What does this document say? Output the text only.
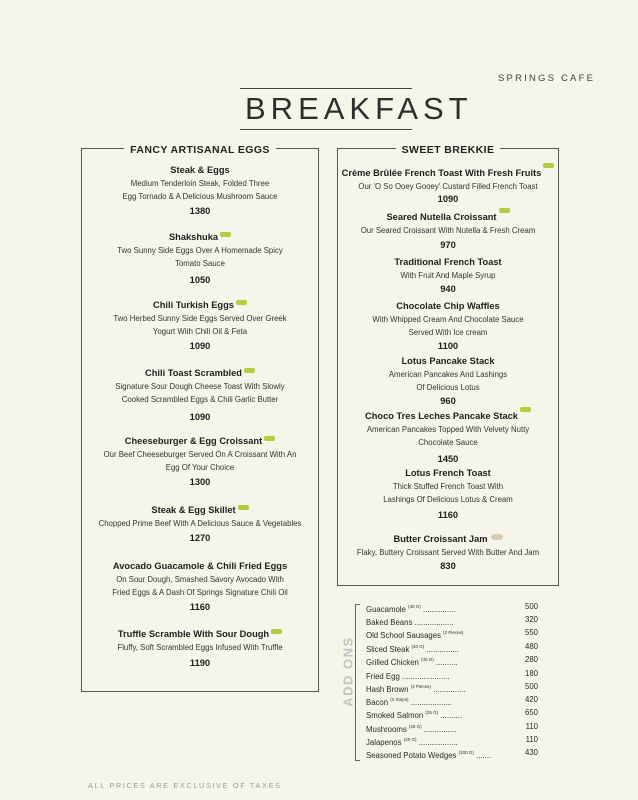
SPRINGS CAFE
BREAKFAST
FANCY ARTISANAL EGGS
Steak & Eggs
Medium Tenderloin Steak, Folded Three
Egg Tornado & A Delicious Mushroom Sauce
1380
Shakshuka
Two Sunny Side Eggs Over A Homemade Spicy
Tomato Sauce
1050
Chili Turkish Eggs
Two Herbed Sunny Side Eggs Served Over Greek
Yogurt With Chili Oil & Feta
1090
Chili Toast Scrambled
Signature Sour Dough Cheese Toast With Slowly
Cooked Scrambled Eggs & Chili Garlic Butter
1090
Cheeseburger & Egg Croissant
Our Beef Cheeseburger Served On A Croissant With An
Egg Of Your Choice
1300
Steak & Egg Skillet
Chopped Prime Beef With A Delicious Sauce & Vegetables
1270
Avocado Guacamole & Chili Fried Eggs
On Sour Dough, Smashed Savory Avocado With
Fried Eggs & A Dash Of Springs Signature Chili Oil
1160
Truffle Scramble With Sour Dough
Fluffy, Soft Scrambled Eggs Infused With Truffle
1190
SWEET BREKKIE
Crème Brûlée French Toast With Fresh Fruits
Our 'O So Ooey Gooey' Custard Filled French Toast
1090
Seared Nutella Croissant
Our Seared Croissant With Nutella & Fresh Cream
970
Traditional French Toast
With Fruit And Maple Syrup
940
Chocolate Chip Waffles
With Whipped Cream And Chocolate Sauce
Served With Ice cream
1100
Lotus Pancake Stack
American Pancakes And Lashings
Of Delicious Lotus
960
Choco Tres Leches Pancake Stack
American Pancakes Topped With Velvety Nutty
Chocolate Sauce
1450
Lotus French Toast
Thick Stuffed French Toast With
Lashings Of Delicious Lotus & Cream
1160
Butter Croissant Jam
Flaky, Buttery Croissant Served With Butter And Jam
830
ADD ONS
Guacamole $^{(40 G)}$ ...............	500
Baked Beans ..................	320
Old School Sausages $^{(2 Pieces)}$	550
Sliced Steak $^{(40 G)}$ ...............	480
Grilled Chicken $^{(40 G)}$ ..........	280
Fried Egg ......................	180
Hash Brown $^{(3 Pieces)}$ ...............	500
Bacon $^{(2 Strips)}$ ...................	420
Smoked Salmon $^{(25 G)}$ ..........	650
Mushrooms $^{(20 G)}$ ...............	110
Jalapenos $^{(20 G)}$ ..................	110
Seasoned Potato Wedges $^{(100 G)}$ .......	430
ALL PRICES ARE EXCLUSIVE OF TAXES
